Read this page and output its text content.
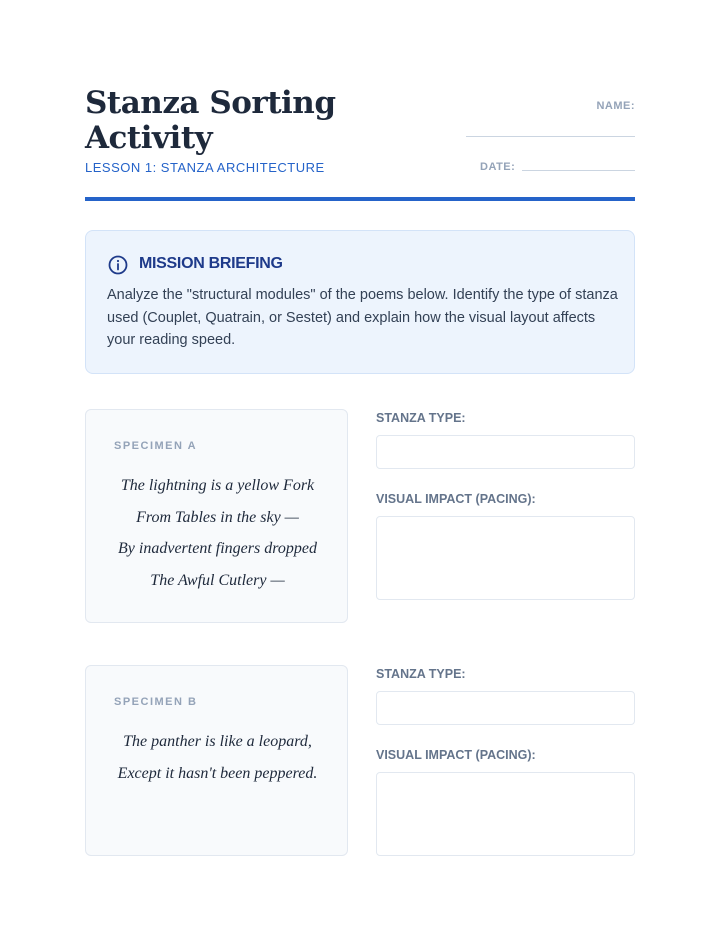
Stanza Sorting Activity
LESSON 1: STANZA ARCHITECTURE
NAME:
DATE:
MISSION BRIEFING
Analyze the "structural modules" of the poems below. Identify the type of stanza used (Couplet, Quatrain, or Sestet) and explain how the visual layout affects your reading speed.
SPECIMEN A
The lightning is a yellow Fork
From Tables in the sky —
By inadvertent fingers dropped
The Awful Cutlery —
STANZA TYPE:
VISUAL IMPACT (PACING):
SPECIMEN B
The panther is like a leopard,
Except it hasn't been peppered.
STANZA TYPE:
VISUAL IMPACT (PACING):
